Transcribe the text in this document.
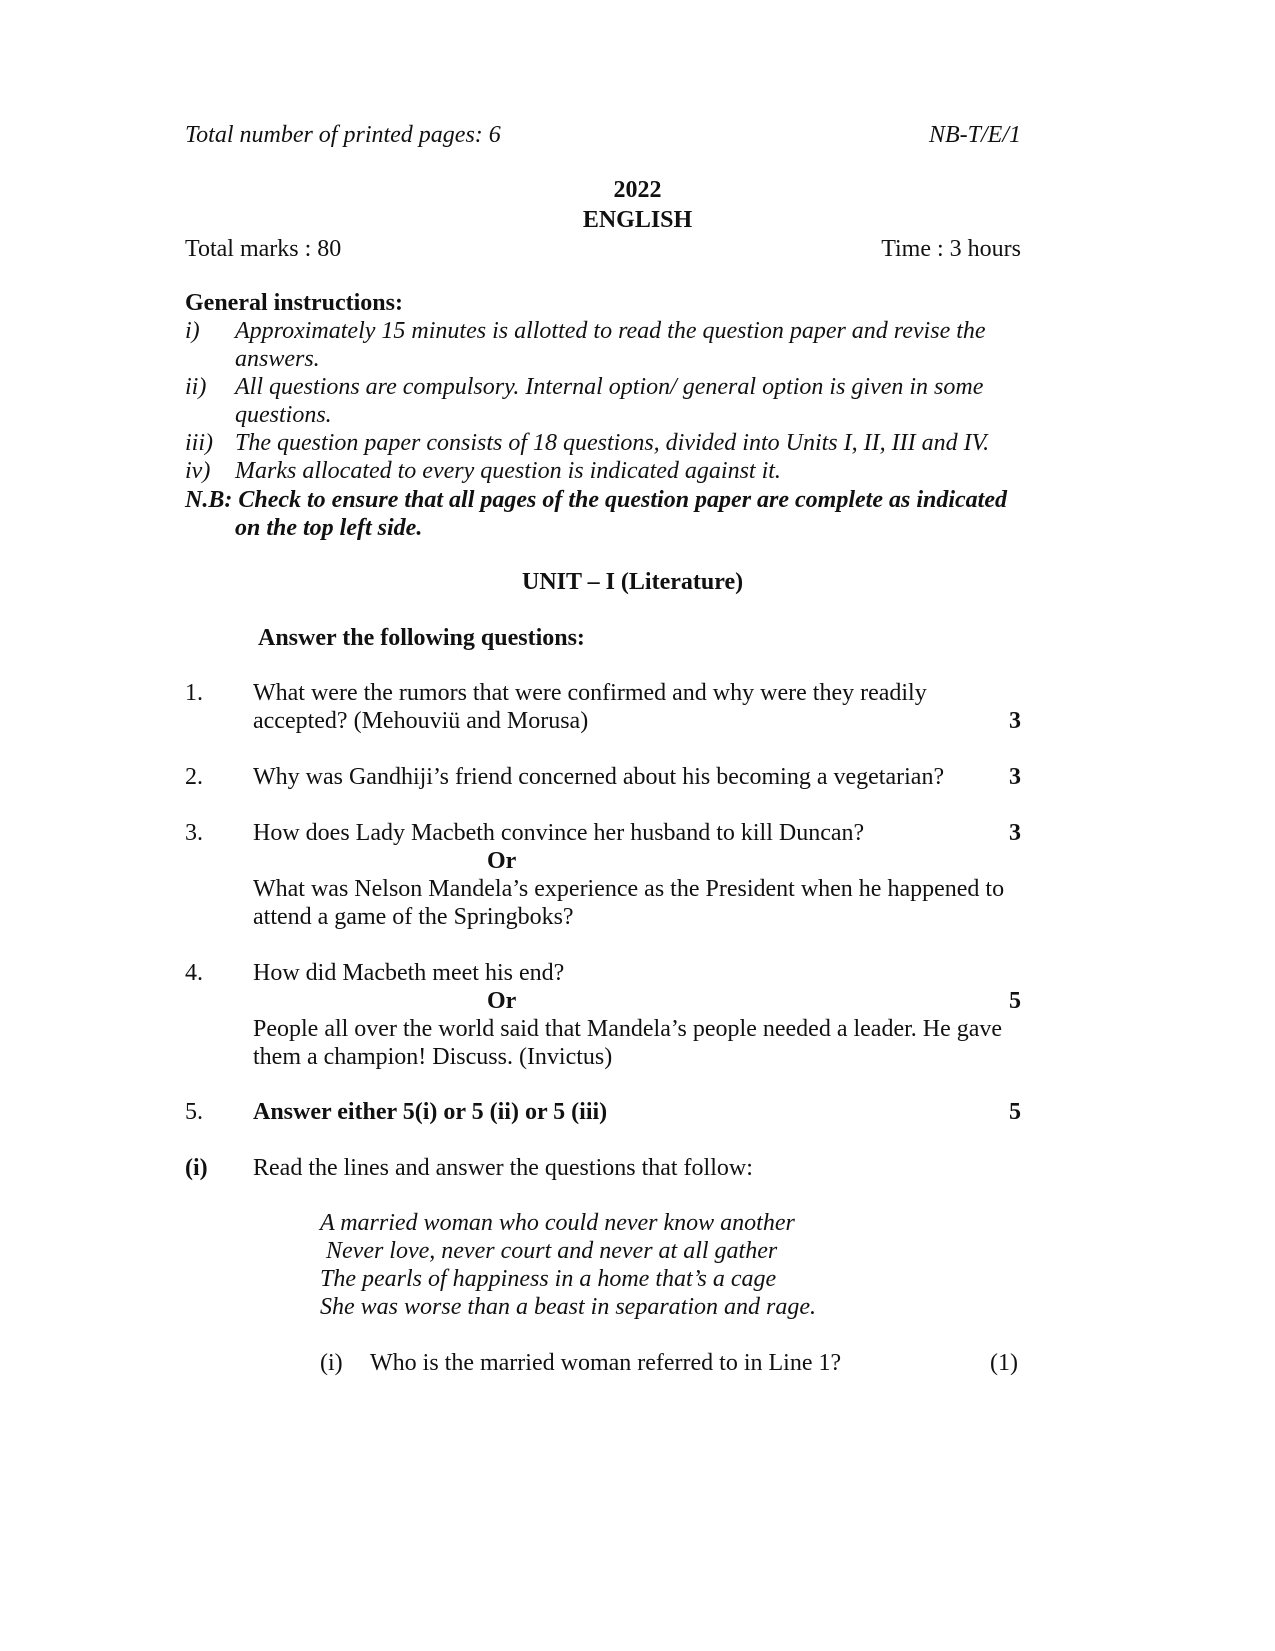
Total number of printed pages: 6	NB-T/E/1
2022
ENGLISH
Total marks : 80	Time : 3 hours
General instructions:
i) Approximately 15 minutes is allotted to read the question paper and revise the
answers.
ii) All questions are compulsory. Internal option/ general option is given in some
questions.
iii) The question paper consists of 18 questions, divided into Units I, II, III and IV.
iv) Marks allocated to every question is indicated against it.
N.B: Check to ensure that all pages of the question paper are complete as indicated
on the top left side.
UNIT – I (Literature)
Answer the following questions:
1. What were the rumors that were confirmed and why were they readily
accepted? (Mehouviü and Morusa)	3
2. Why was Gandhiji’s friend concerned about his becoming a vegetarian?	3
3. How does Lady Macbeth convince her husband to kill Duncan?	3
Or
What was Nelson Mandela’s experience as the President when he happened to
attend a game of the Springboks?
4. How did Macbeth meet his end?
Or	5
People all over the world said that Mandela’s people needed a leader. He gave
them a champion! Discuss. (Invictus)
5. Answer either 5(i) or 5 (ii) or 5 (iii)	5
(i) Read the lines and answer the questions that follow:
A married woman who could never know another
Never love, never court and never at all gather
The pearls of happiness in a home that’s a cage
She was worse than a beast in separation and rage.
(i) Who is the married woman referred to in Line 1?	(1)
